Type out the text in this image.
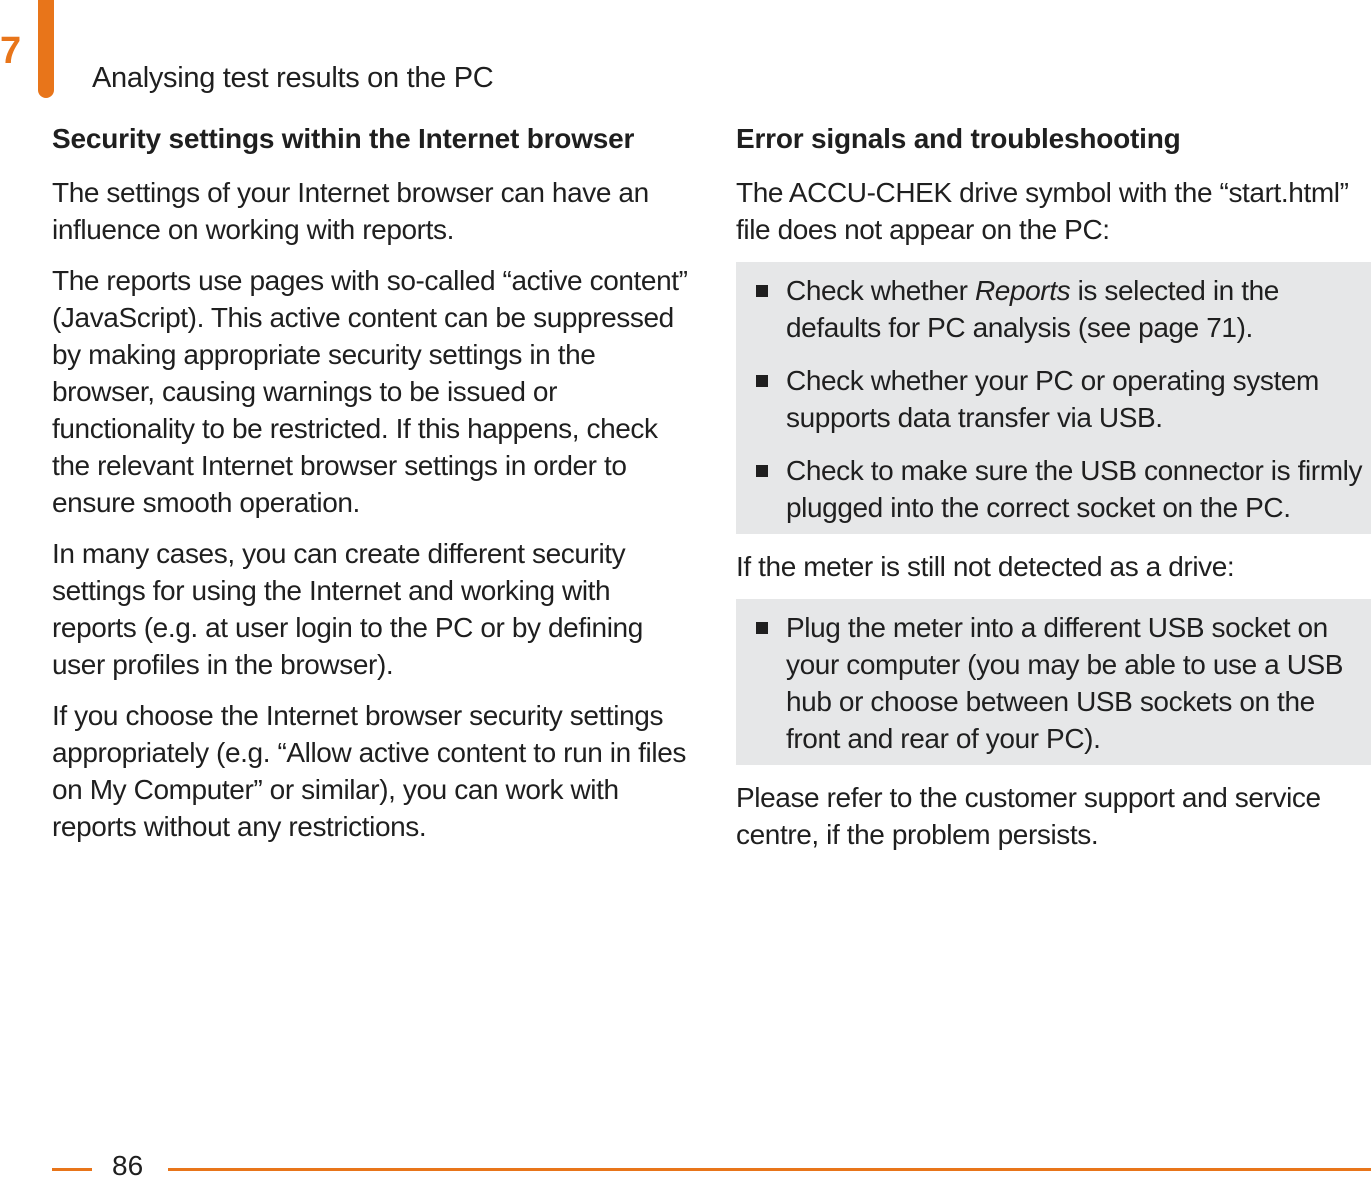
7
Analysing test results on the PC
Security settings within the Internet browser

The settings of your Internet browser can have an influence on working with reports.

The reports use pages with so-called “active content” (JavaScript). This active content can be suppressed by making appropriate security settings in the browser, causing warnings to be issued or functionality to be restricted. If this happens, check the relevant Internet browser settings in order to ensure smooth operation.

In many cases, you can create different security settings for using the Internet and working with reports (e.g. at user login to the PC or by defining user profiles in the browser).

If you choose the Internet browser security settings appropriately (e.g. “Allow active content to run in files on My Computer” or similar), you can work with reports without any restrictions.

Error signals and troubleshooting

The ACCU-CHEK drive symbol with the “start.html” file does not appear on the PC:

Check whether Reports is selected in the defaults for PC analysis (see page 71).
Check whether your PC or operating system supports data transfer via USB.
Check to make sure the USB connector is firmly plugged into the correct socket on the PC.

If the meter is still not detected as a drive:

Plug the meter into a different USB socket on your computer (you may be able to use a USB hub or choose between USB sockets on the front and rear of your PC).

Please refer to the customer support and service centre, if the problem persists.

86
